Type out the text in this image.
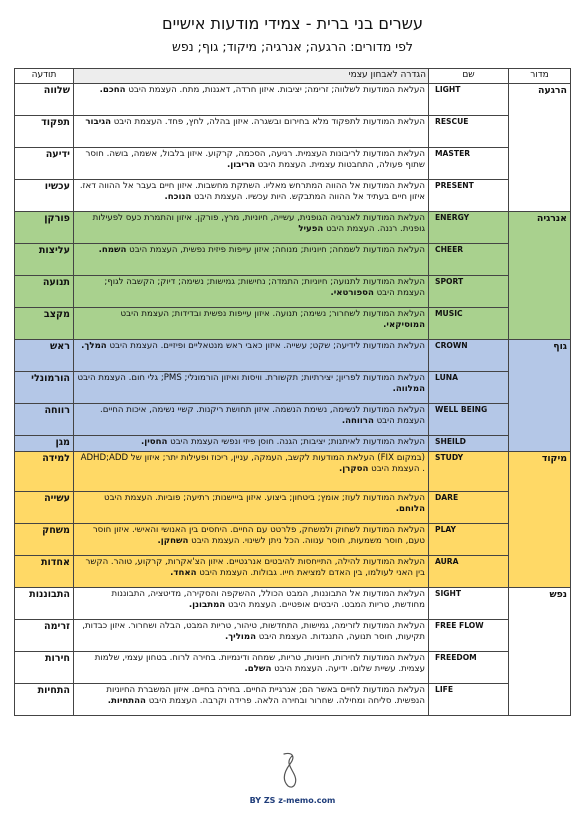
עשרים בני ברית - צמידי מודעות אישיים
לפי מדורים: הרגעה; אנרגיה; מיקוד; גוף; נפש
תודעה	הגדרה לאבחון עצמי	שם	מדור
שלווה	העלאת המודעות לשלווה; זרימה; יציבות. איזון חרדה, דאגנות, מתח. העצמת היבט החכם.	LIGHT	הרגעה
תפקוד	העלאת המודעות לתפקוד מלא בחירום ובשגרה. איזון בהלה, לחץ, פחד. העצמת היבט הגיבור	RESCUE	
ידיעה	העלאת המודעות לריבונות העצמית. רגיעה, הסכמה, קרקוע. איזון בלבול, אשמה, בושה. חוסר שתוף פעולה, התחבטות עצמית. העצמת היבט הריבון.	MASTER	
עכשיו	העלאת המודעות אל ההווה המתרחש מאליו. השתקת מחשבות. איזון חיים בעבר אל ההווה דאז. איזון חיים בעתיד אל ההווה המתבקש. היות עכשיו. העצמת היבט הנוכח.	PRESENT	
פורקן	העלאת המודעות לאנרגיה הגופנית, עשייה, חיוניות, מרץ, פורקן. איזון והתמרת כעס לפעילות גופנית. רננה. העצמת היבט הפעיל	ENERGY	אנרגיה
עליצות	העלאת המודעות לשמחה; חיוניות; מנוחה; איזון עייפות פיזית נפשית, העצמת היבט השמח.	CHEER	
תנועה	העלאת המודעות לתנועה; חיוניות; התמדה; נחישות; גמישות; נשימה; דיוק; הקשבה לגוף; העצמת היבט הספורטאי.	SPORT	
מקצב	העלאת המודעות לשחרור; נשימה; תנועה. איזון עייפות נפשית ובדידות; העצמת היבט המוסיקאי.	MUSIC	
ראש	העלאת המודעות לידיעה; שקט; עשייה. איזון כאבי ראש מנטאליים ופיזיים. העצמת היבט המלך.	CROWN	גוף
הורמונלי	העלאת המודעות לפריון; יצירתיות; תקשורת. וויסות ואיזון הורמונלי; PMS; גלי חום. העצמת היבט המלווה.	LUNA	
רווחה	העלאת המודעות לנשימה, נשימת הנשמה. איזון תחושת ריקנות. קשיי נשימה, איכות החיים. העצמת היבט הרווחה.	WELL BEING	
מגן	העלאת המודעות לאיתנות; יציבות; הגנה. חוסן פיזי ונפשי העצמת היבט החסין.	SHEILD	
למידה	(במקום FIX) העלאת המודעות לקשב, העמקה, עניין, ריכוז ופעילות יתר; איזון של ADHD;ADD . העצמת היבט הסקרן.	STUDY	מיקוד
עשייה	העלאת המודעות לעוז; אומץ; ביטחון; ביצוע. איזון בייישנות; רתיעה; פוביות. העצמת היבט הלוחם.	DARE	
משחק	העלאת המודעות לשחוק ולמשחק, פלרטט עם החיים. היחסים בין האנושי והאישי. איזון חוסר טעם, חוסר משמעות, חוסר ענווה. הכל ניתן לשינוי. העצמת היבט השחקן.	PLAY	
אחדות	העלאת המודעות להילה, התייחסות להיבטים אנרגטיים. איזון הצ'אקרות, קרקוע, טוהר. הקשר בין האני לעולמו, בין האדם למציאת חייו. גבולות. העצמת היבט האחד.	AURA	
התבוננות	העלאת המודעות אל התבוננות, המבט הכולל, ההשקפה והסקירה, מדיטציה, התבוננות מחודשת, טריות המבט. היבטים אופטיים. העצמת היבט המתבונן.	SIGHT	נפש
זרימה	העלאת המודעות לזרימה, גמישות, התחדשות, טיהור, טריות המבט, הבלה ושחרור. איזון כבדות, תקיעות, חוסר תנועה, התנגדות. העצמת היבט המוליך.	FREE FLOW	
חירות	העלאת המודעות לחירות, חיוניות, טריות, שמחה ודינמיות. בחירה לרוח. בטחון עצמי, שלמות עצמית. עשיית שלום. ידיעה. העצמת היבט השלם.	FREEDOM	
התחיות	העלאת המודעות לחיים באשר הם; אנרגיית החיים. בחירה בחיים. איזון המשברת החיוניות הנפשית. סליחה ומחילה. שחרור ובחירה הלאה. פרידה וקרבה. העצמת היבט ההתחיות.	LIFE	
BY ZS z-memo.com
